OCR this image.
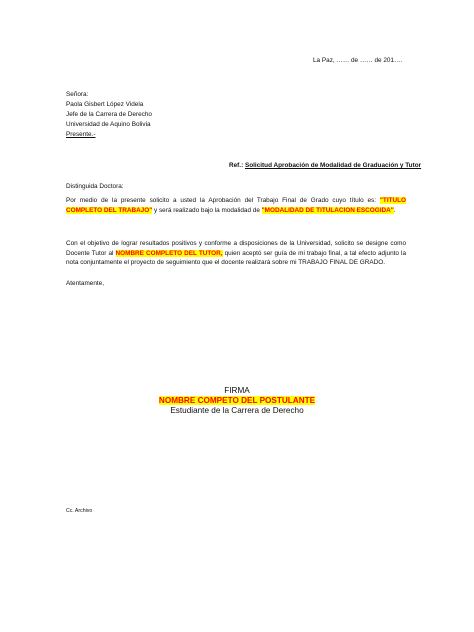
La Paz, …… de …… de 201….
Señora:
Paola Gisbert López Videla
Jefe de la Carrera de Derecho
Universidad de Aquino Bolivia
Presente.-
Ref.: Solicitud Aprobación de Modalidad de Graduación y Tutor
Distinguida Doctora:
Por medio de la presente solicito a usted la Aprobación del Trabajo Final de Grado cuyo título es: "TITULO COMPLETO DEL TRABAJO" y será realizado bajo la modalidad de "MODALIDAD DE TITULACION ESCOGIDA".
Con el objetivo de lograr resultados positivos y conforme a disposiciones de la Universidad, solicito se designe como Docente Tutor al NOMBRE COMPLETO DEL TUTOR, quien aceptó ser guía de mi trabajo final, a tal efecto adjunto la nota conjuntamente el proyecto de seguimiento que el docente realizará sobre mi TRABAJO FINAL DE GRADO.
Atentamente,
FIRMA
NOMBRE COMPETO DEL POSTULANTE
Estudiante de la Carrera de Derecho
Cc. Archivo
